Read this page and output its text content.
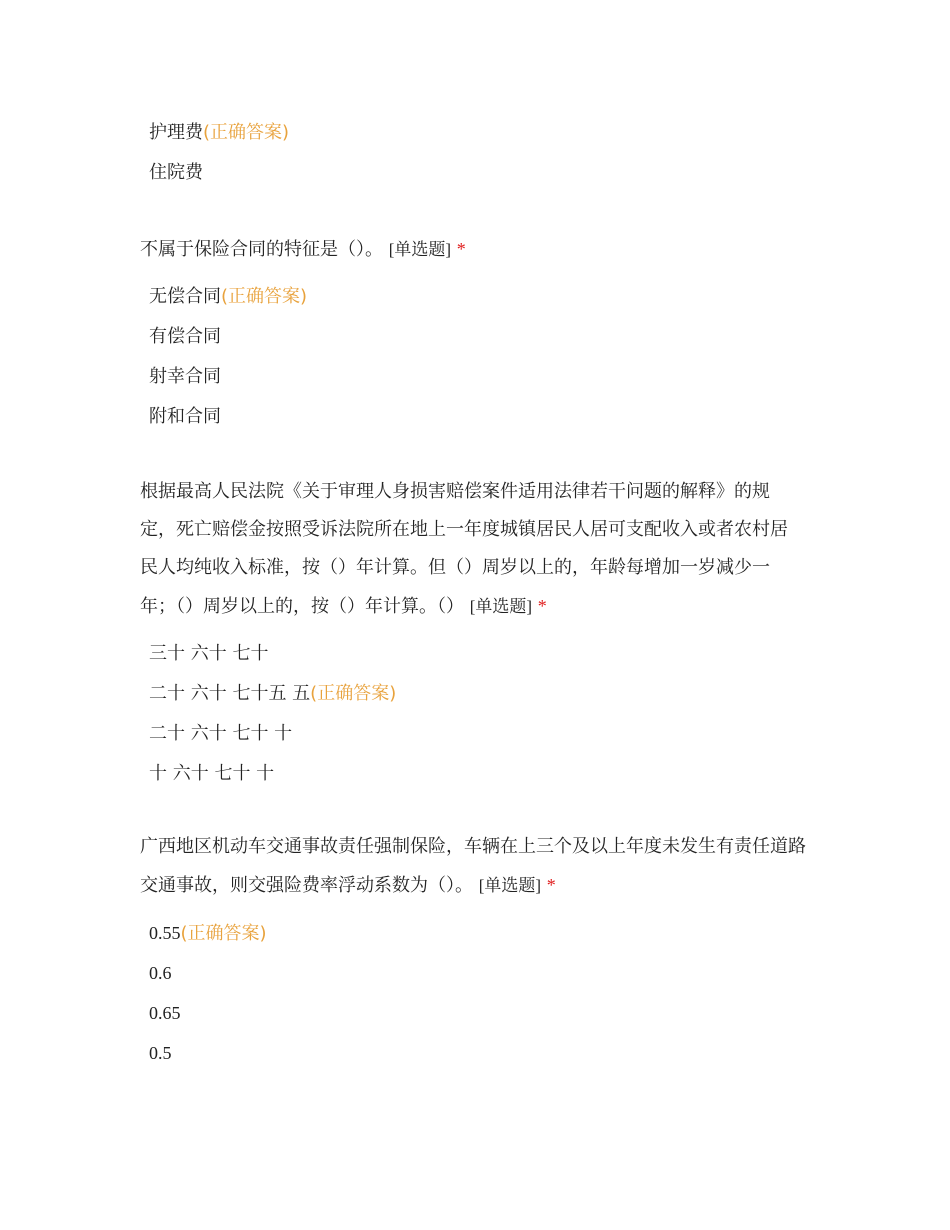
护理费(正确答案)
住院费
不属于保险合同的特征是（）。 [单选题] *
无偿合同(正确答案)
有偿合同
射幸合同
附和合同
根据最高人民法院《关于审理人身损害赔偿案件适用法律若干问题的解释》的规定，死亡赔偿金按照受诉法院所在地上一年度城镇居民人居可支配收入或者农村居民人均纯收入标准，按（）年计算。但（）周岁以上的，年龄每增加一岁减少一年；（）周岁以上的，按（）年计算。（） [单选题] *
三十 六十 七十
二十 六十 七十五 五(正确答案)
二十 六十 七十 十
十 六十 七十 十
广西地区机动车交通事故责任强制保险，车辆在上三个及以上年度未发生有责任道路交通事故，则交强险费率浮动系数为（）。 [单选题] *
0.55(正确答案)
0.6
0.65
0.5
